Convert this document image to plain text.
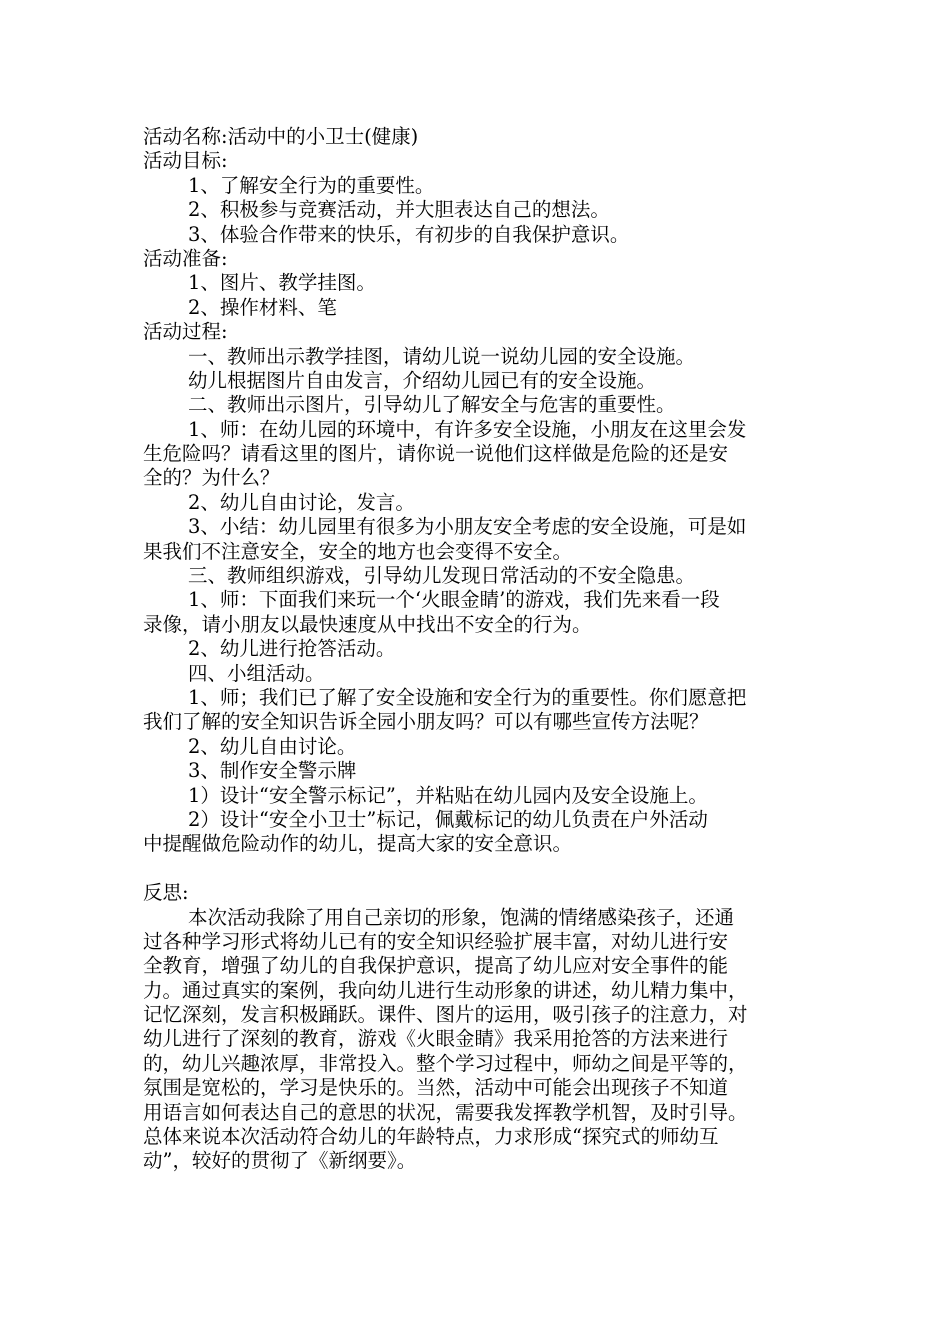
活动名称:活动中的小卫士(健康)
活动目标:
1、了解安全行为的重要性。
2、积极参与竞赛活动，并大胆表达自己的想法。
3、体验合作带来的快乐，有初步的自我保护意识。
活动准备:
1、图片、教学挂图。
2、操作材料、笔
活动过程:
一、教师出示教学挂图，请幼儿说一说幼儿园的安全设施。
幼儿根据图片自由发言，介绍幼儿园已有的安全设施。
二、教师出示图片，引导幼儿了解安全与危害的重要性。
1、师：在幼儿园的环境中，有许多安全设施，小朋友在这里会发
生危险吗？请看这里的图片，请你说一说他们这样做是危险的还是安
全的？为什么？
2、幼儿自由讨论，发言。
3、小结：幼儿园里有很多为小朋友安全考虑的安全设施，可是如
果我们不注意安全，安全的地方也会变得不安全。
三、教师组织游戏，引导幼儿发现日常活动的不安全隐患。
1、师：下面我们来玩一个‘火眼金睛’的游戏，我们先来看一段
录像，请小朋友以最快速度从中找出不安全的行为。
2、幼儿进行抢答活动。
四、小组活动。
1、师；我们已了解了安全设施和安全行为的重要性。你们愿意把
我们了解的安全知识告诉全园小朋友吗？可以有哪些宣传方法呢？
2、幼儿自由讨论。
3、制作安全警示牌
1）设计“安全警示标记”，并粘贴在幼儿园内及安全设施上。
2）设计“安全小卫士”标记，佩戴标记的幼儿负责在户外活动
中提醒做危险动作的幼儿，提高大家的安全意识。
反思:
本次活动我除了用自己亲切的形象，饱满的情绪感染孩子，还通
过各种学习形式将幼儿已有的安全知识经验扩展丰富，对幼儿进行安
全教育，增强了幼儿的自我保护意识，提高了幼儿应对安全事件的能
力。通过真实的案例，我向幼儿进行生动形象的讲述，幼儿精力集中，
记忆深刻，发言积极踊跃。课件、图片的运用，吸引孩子的注意力，对
幼儿进行了深刻的教育，游戏《火眼金睛》我采用抢答的方法来进行
的，幼儿兴趣浓厚，非常投入。整个学习过程中，师幼之间是平等的，
氛围是宽松的，学习是快乐的。当然，活动中可能会出现孩子不知道
用语言如何表达自己的意思的状况，需要我发挥教学机智，及时引导。
总体来说本次活动符合幼儿的年龄特点，力求形成“探究式的师幼互
动”，较好的贯彻了《新纲要》。
